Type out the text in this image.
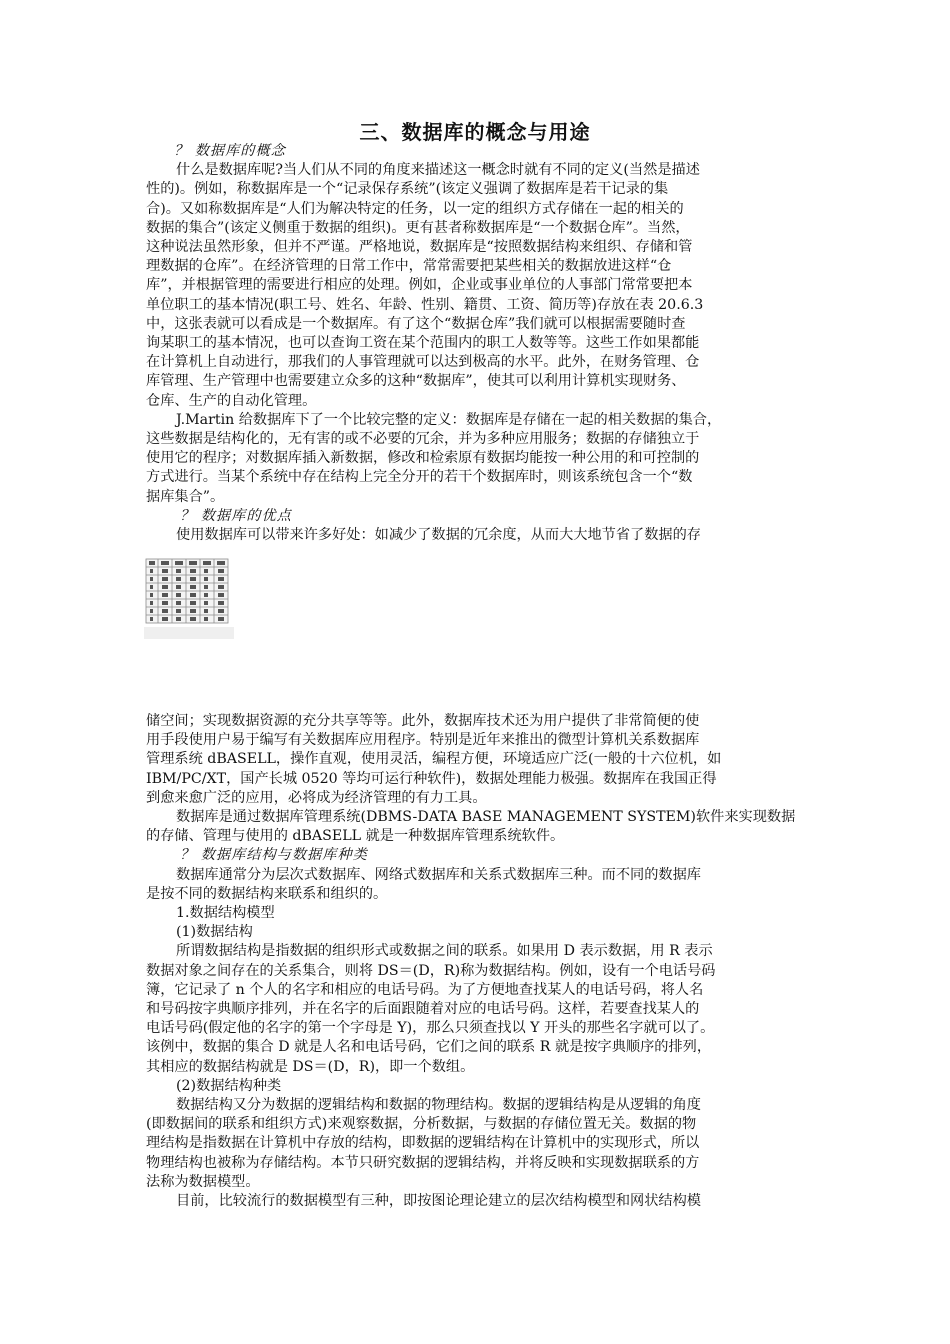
三、数据库的概念与用途
？ 数据库的概念
什么是数据库呢?当人们从不同的角度来描述这一概念时就有不同的定义(当然是描述
性的)。例如，称数据库是一个“记录保存系统”(该定义强调了数据库是若干记录的集
合)。又如称数据库是“人们为解决特定的任务，以一定的组织方式存储在一起的相关的
数据的集合”(该定义侧重于数据的组织)。更有甚者称数据库是“一个数据仓库”。当然，
这种说法虽然形象，但并不严谨。严格地说，数据库是“按照数据结构来组织、存储和管
理数据的仓库”。在经济管理的日常工作中，常常需要把某些相关的数据放进这样“仓
库”，并根据管理的需要进行相应的处理。例如，企业或事业单位的人事部门常常要把本
单位职工的基本情况(职工号、姓名、年龄、性别、籍贯、工资、简历等)存放在表 20.6.3
中，这张表就可以看成是一个数据库。有了这个“数据仓库”我们就可以根据需要随时查
询某职工的基本情况，也可以查询工资在某个范围内的职工人数等等。这些工作如果都能
在计算机上自动进行，那我们的人事管理就可以达到极高的水平。此外，在财务管理、仓
库管理、生产管理中也需要建立众多的这种“数据库”，使其可以利用计算机实现财务、
仓库、生产的自动化管理。
J.Martin 给数据库下了一个比较完整的定义：数据库是存储在一起的相关数据的集合，
这些数据是结构化的，无有害的或不必要的冗余，并为多种应用服务；数据的存储独立于
使用它的程序；对数据库插入新数据，修改和检索原有数据均能按一种公用的和可控制的
方式进行。当某个系统中存在结构上完全分开的若干个数据库时，则该系统包含一个“数
据库集合”。
？ 数据库的优点
使用数据库可以带来许多好处：如减少了数据的冗余度，从而大大地节省了数据的存
储空间；实现数据资源的充分共享等等。此外，数据库技术还为用户提供了非常简便的使
用手段使用户易于编写有关数据库应用程序。特别是近年来推出的微型计算机关系数据库
管理系统 dBASELL，操作直观，使用灵活，编程方便，环境适应广泛(一般的十六位机，如
IBM/PC/XT，国产长城 0520 等均可运行种软件)，数据处理能力极强。数据库在我国正得
到愈来愈广泛的应用，必将成为经济管理的有力工具。
数据库是通过数据库管理系统(DBMS-DATA BASE MANAGEMENT SYSTEM)软件来实现数据
的存储、管理与使用的 dBASELL 就是一种数据库管理系统软件。
？ 数据库结构与数据库种类
数据库通常分为层次式数据库、网络式数据库和关系式数据库三种。而不同的数据库
是按不同的数据结构来联系和组织的。
1.数据结构模型
(1)数据结构
所谓数据结构是指数据的组织形式或数据之间的联系。如果用 D 表示数据，用 R 表示
数据对象之间存在的关系集合，则将 DS＝(D，R)称为数据结构。例如，设有一个电话号码
簿，它记录了 n 个人的名字和相应的电话号码。为了方便地查找某人的电话号码，将人名
和号码按字典顺序排列，并在名字的后面跟随着对应的电话号码。这样，若要查找某人的
电话号码(假定他的名字的第一个字母是 Y)，那么只须查找以 Y 开头的那些名字就可以了。
该例中，数据的集合 D 就是人名和电话号码，它们之间的联系 R 就是按字典顺序的排列，
其相应的数据结构就是 DS＝(D，R)，即一个数组。
(2)数据结构种类
数据结构又分为数据的逻辑结构和数据的物理结构。数据的逻辑结构是从逻辑的角度
(即数据间的联系和组织方式)来观察数据，分析数据，与数据的存储位置无关。数据的物
理结构是指数据在计算机中存放的结构，即数据的逻辑结构在计算机中的实现形式，所以
物理结构也被称为存储结构。本节只研究数据的逻辑结构，并将反映和实现数据联系的方
法称为数据模型。
目前，比较流行的数据模型有三种，即按图论理论建立的层次结构模型和网状结构模
